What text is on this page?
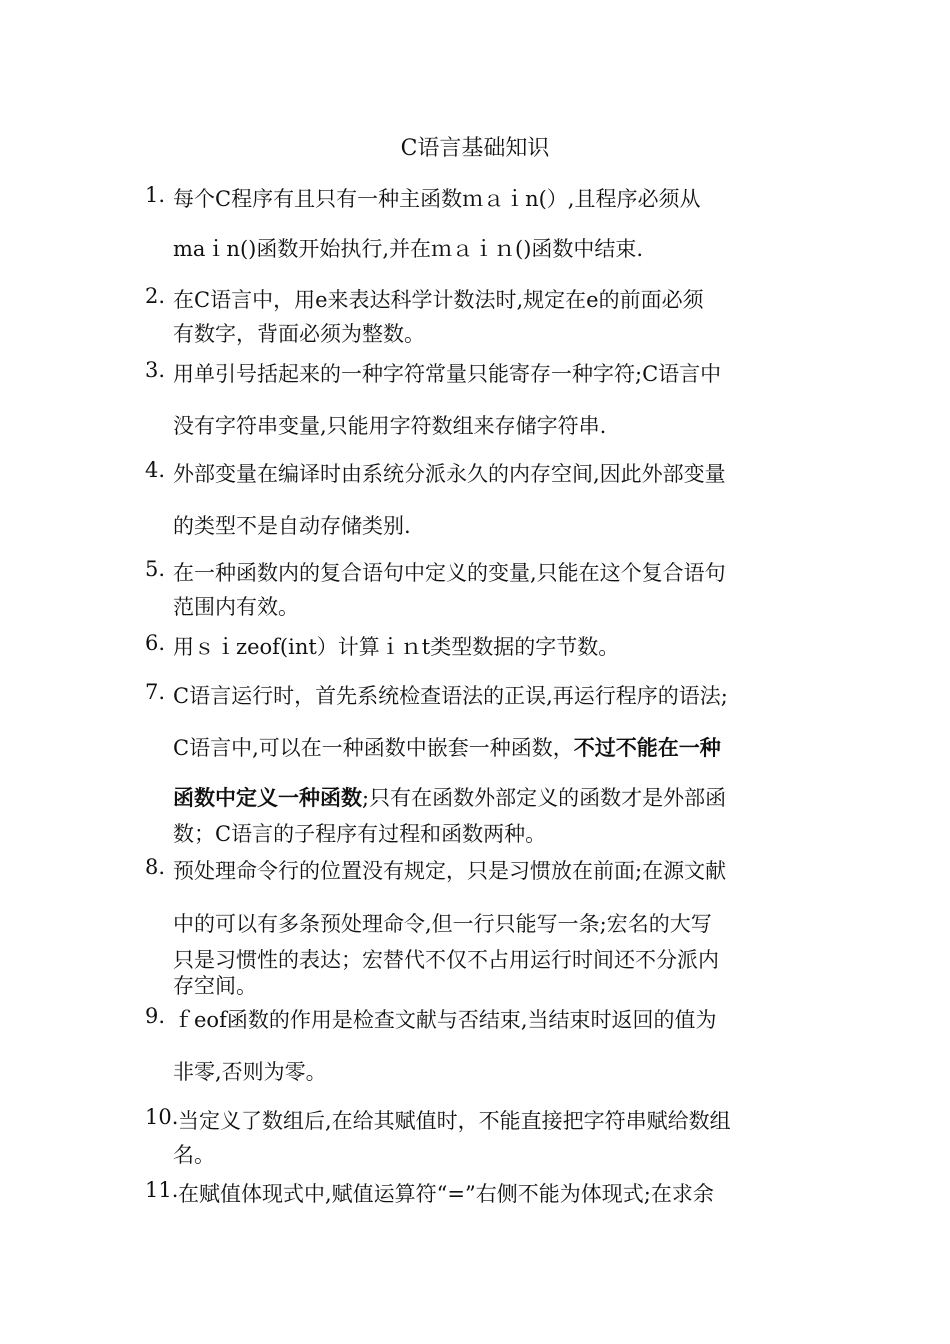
C语言基础知识
1. 每个C程序有且只有一种主函数ｍａｉn(）,且程序必须从
maｉn()函数开始执行,并在ｍａｉｎ()函数中结束.
2. 在C语言中，用e来表达科学计数法时,规定在e的前面必须
有数字，背面必须为整数。
3. 用单引号括起来的一种字符常量只能寄存一种字符;C语言中
没有字符串变量,只能用字符数组来存储字符串.
4. 外部变量在编译时由系统分派永久的内存空间,因此外部变量
的类型不是自动存储类别.
5. 在一种函数内的复合语句中定义的变量,只能在这个复合语句
范围内有效。
6. 用ｓｉzeof(int）计算ｉｎt类型数据的字节数。
7. C语言运行时，首先系统检查语法的正误,再运行程序的语法;
C语言中,可以在一种函数中嵌套一种函数，不过不能在一种
函数中定义一种函数;只有在函数外部定义的函数才是外部函
数；C语言的子程序有过程和函数两种。
8. 预处理命令行的位置没有规定，只是习惯放在前面;在源文献
中的可以有多条预处理命令,但一行只能写一条;宏名的大写
只是习惯性的表达；宏替代不仅不占用运行时间还不分派内
存空间。
9. ｆeof函数的作用是检查文献与否结束,当结束时返回的值为
非零,否则为零。
10. 当定义了数组后,在给其赋值时，不能直接把字符串赋给数组
名。
11. 在赋值体现式中,赋值运算符“=”右侧不能为体现式;在求余
